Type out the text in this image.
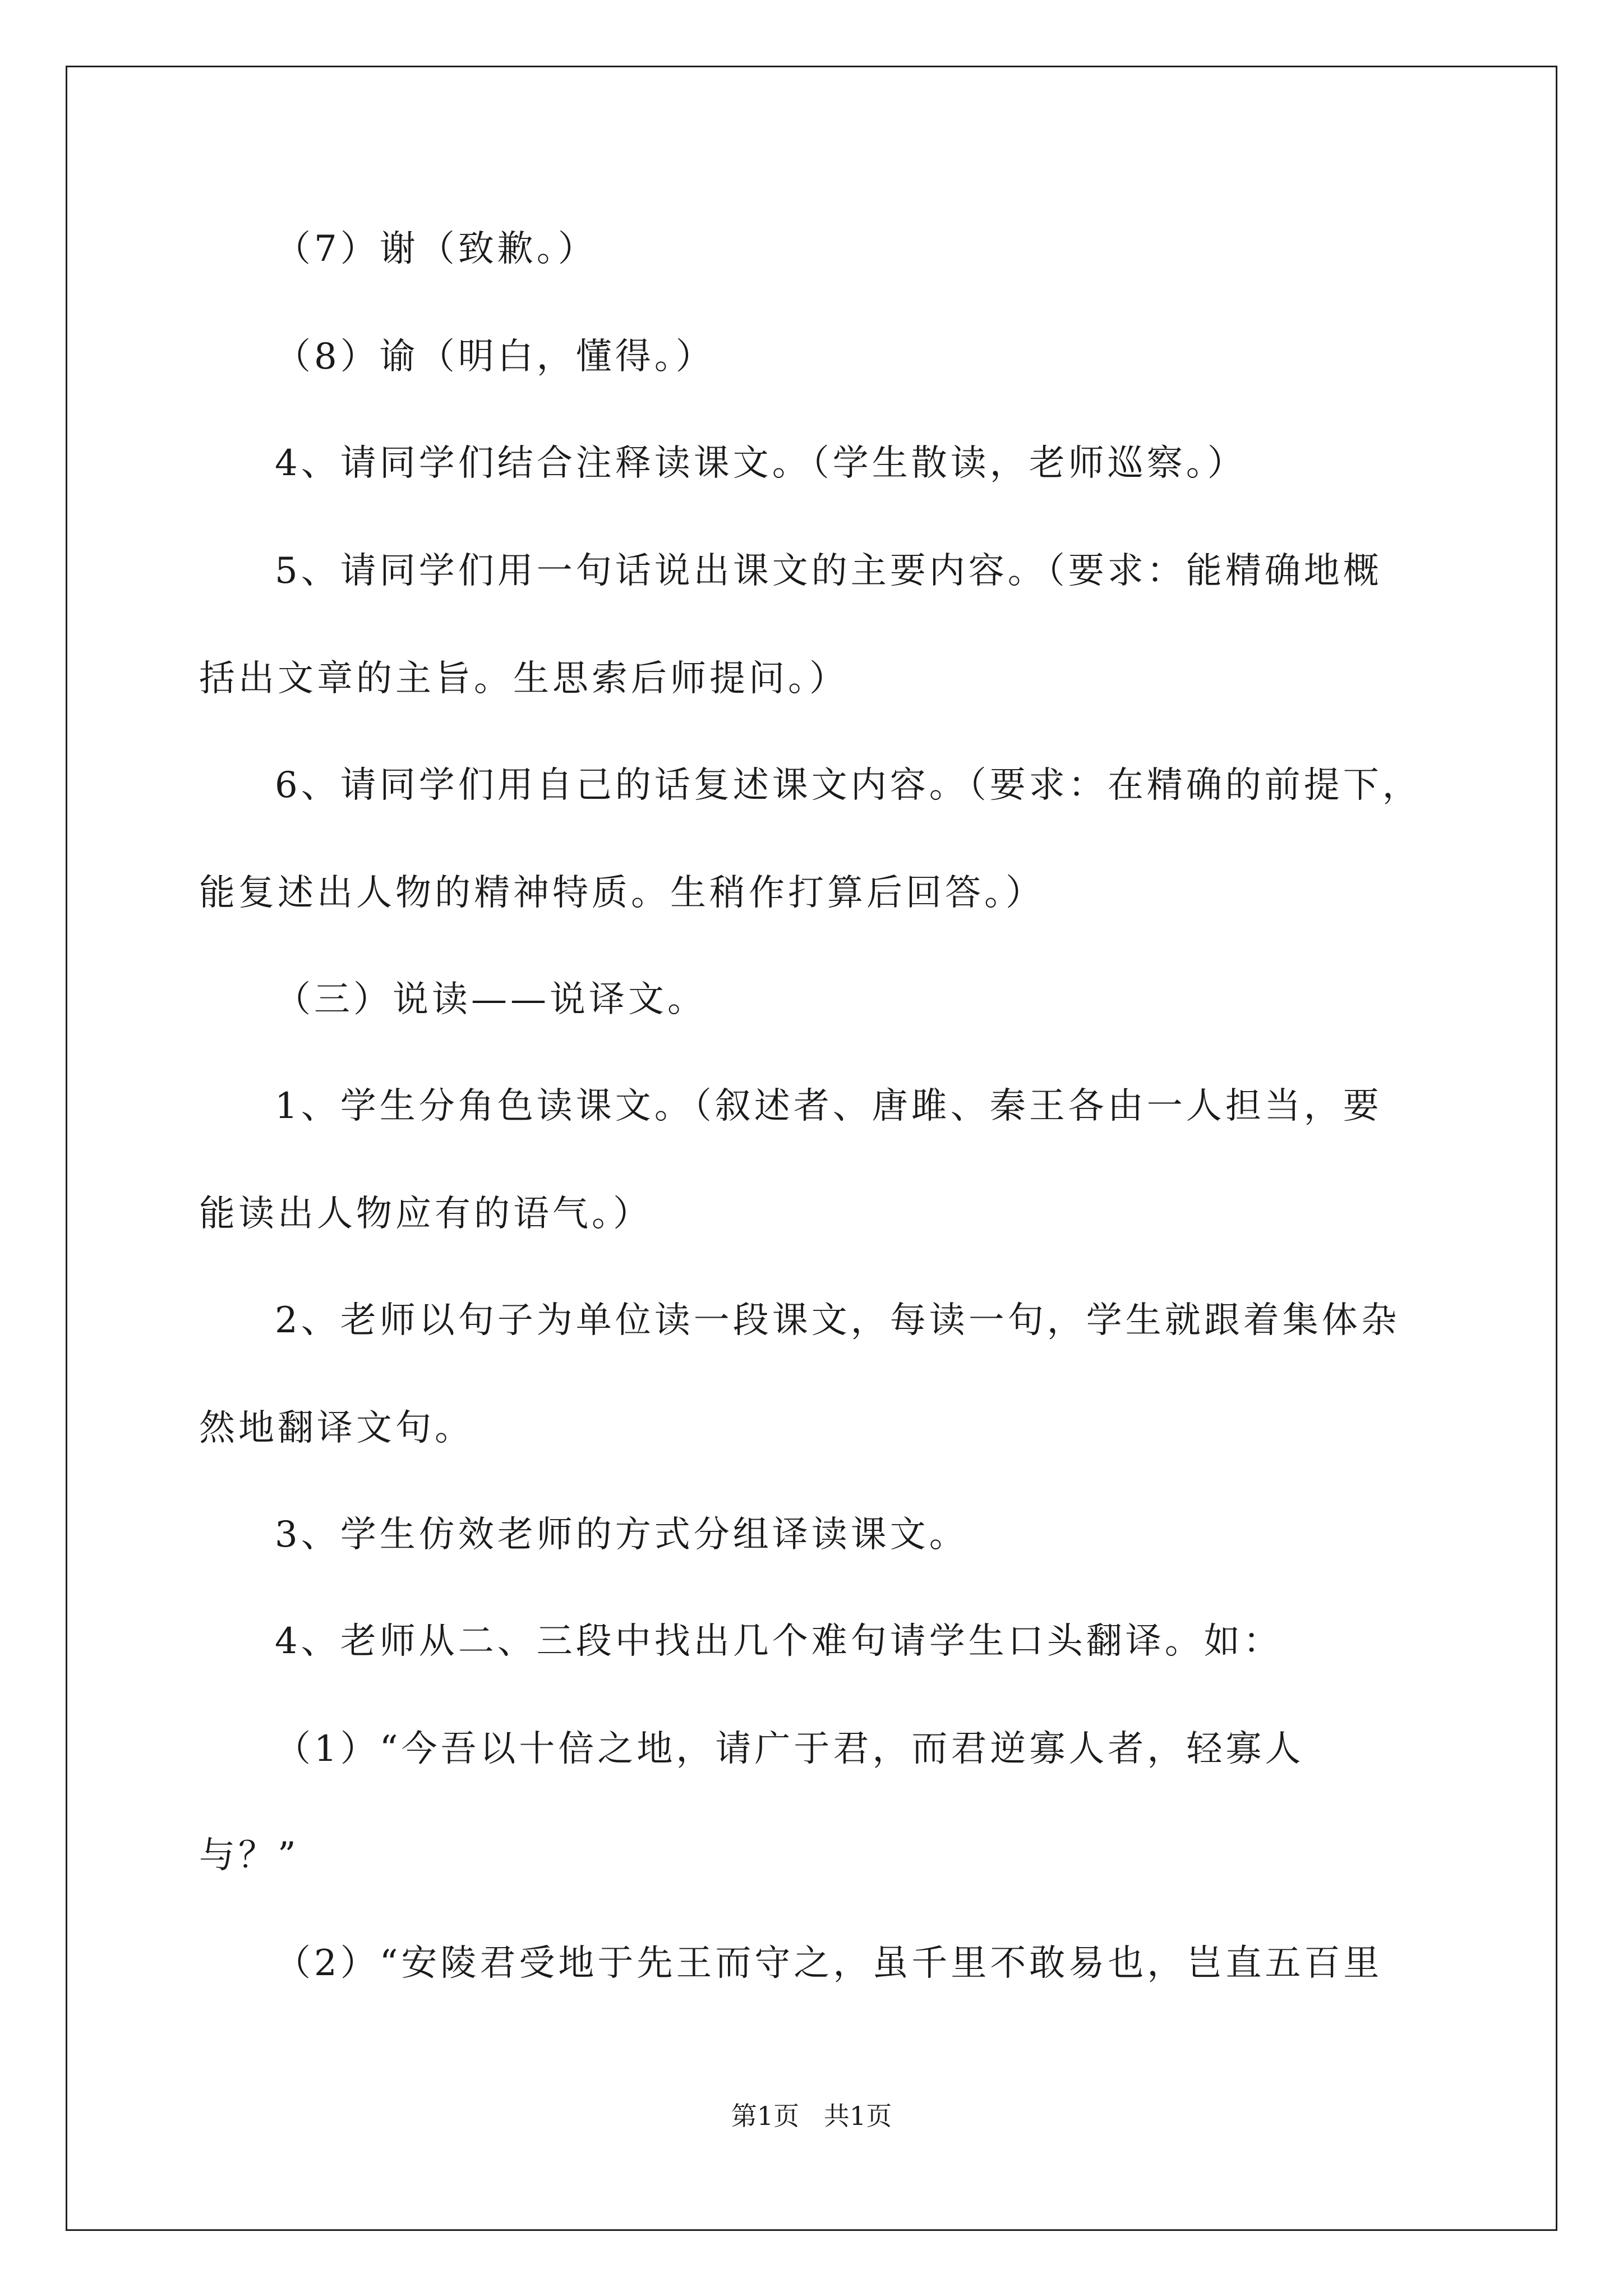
（7）谢（致歉。）
（8）谕（明白，懂得。）
4、请同学们结合注释读课文。（学生散读，老师巡察。）
5、请同学们用一句话说出课文的主要内容。（要求：能精确地概
括出文章的主旨。生思索后师提问。）
6、请同学们用自己的话复述课文内容。（要求：在精确的前提下，
能复述出人物的精神特质。生稍作打算后回答。）
（三）说读——说译文。
1、学生分角色读课文。（叙述者、唐雎、秦王各由一人担当，要
能读出人物应有的语气。）
2、老师以句子为单位读一段课文，每读一句，学生就跟着集体杂
然地翻译文句。
3、学生仿效老师的方式分组译读课文。
4、老师从二、三段中找出几个难句请学生口头翻译。如：
（1）“今吾以十倍之地，请广于君，而君逆寡人者，轻寡人
与？”
（2）“安陵君受地于先王而守之，虽千里不敢易也，岂直五百里
第1页   共1页
